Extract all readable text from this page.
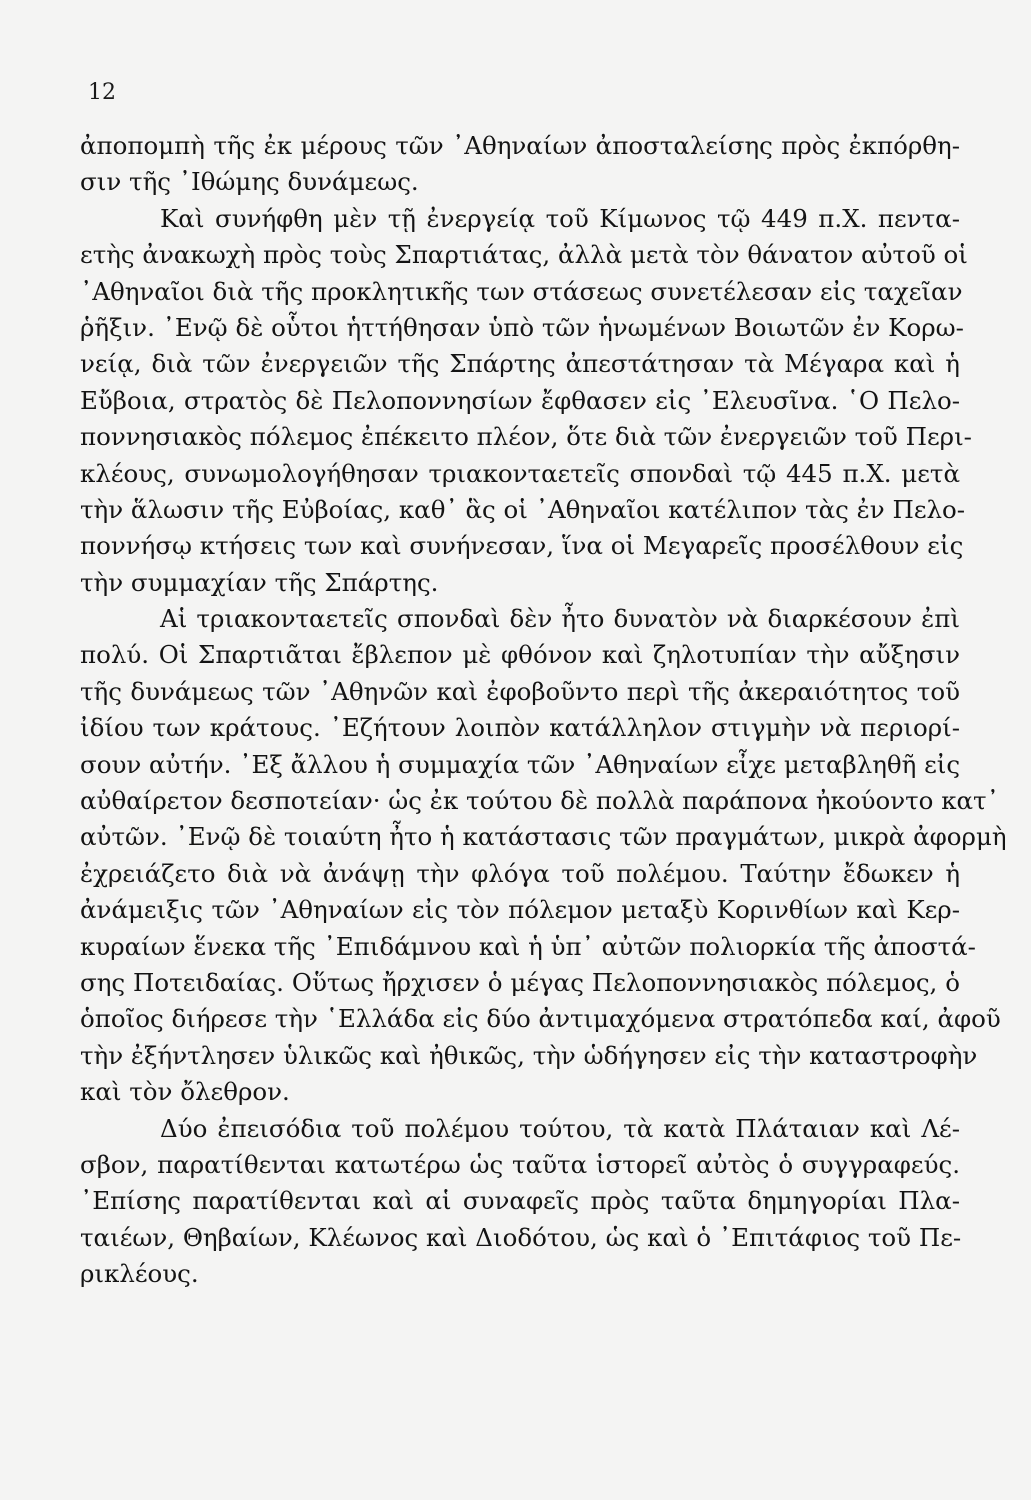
12
ἀποπομπὴ τῆς ἐκ μέρους τῶν ᾿Αθηναίων ἀποσταλείσης πρὸς ἐκπόρθη-
σιν τῆς ᾿Ιθώμης δυνάμεως.
Καὶ συνήφθη μὲν τῇ ἐνεργείᾳ τοῦ Κίμωνος τῷ 449 π.Χ. πεντα-
ετὴς ἀνακωχὴ πρὸς τοὺς Σπαρτιάτας, ἀλλὰ μετὰ τὸν θάνατον αὐτοῦ οἱ
᾿Αθηναῖοι διὰ τῆς προκλητικῆς των στάσεως συνετέλεσαν εἰς ταχεῖαν
ῥῆξιν. ᾿Ενῷ δὲ οὗτοι ἡττήθησαν ὑπὸ τῶν ἡνωμένων Βοιωτῶν ἐν Κορω-
νείᾳ, διὰ τῶν ἐνεργειῶν τῆς Σπάρτης ἀπεστάτησαν τὰ Μέγαρα καὶ ἡ
Εὔβοια, στρατὸς δὲ Πελοποννησίων ἔφθασεν εἰς ᾿Ελευσῖνα. ῾Ο Πελο-
ποννησιακὸς πόλεμος ἐπέκειτο πλέον, ὅτε διὰ τῶν ἐνεργειῶν τοῦ Περι-
κλέους, συνωμολογήθησαν τριακονταετεῖς σπονδαὶ τῷ 445 π.Χ. μετὰ
τὴν ἅλωσιν τῆς Εὐβοίας, καθ᾿ ἃς οἱ ᾿Αθηναῖοι κατέλιπον τὰς ἐν Πελο-
ποννήσῳ κτήσεις των καὶ συνήνεσαν, ἵνα οἱ Μεγαρεῖς προσέλθουν εἰς
τὴν συμμαχίαν τῆς Σπάρτης.
Αἱ τριακονταετεῖς σπονδαὶ δὲν ἦτο δυνατὸν νὰ διαρκέσουν ἐπὶ
πολύ. Οἱ Σπαρτιᾶται ἔβλεπον μὲ φθόνον καὶ ζηλοτυπίαν τὴν αὔξησιν
τῆς δυνάμεως τῶν ᾿Αθηνῶν καὶ ἐφοβοῦντο περὶ τῆς ἀκεραιότητος τοῦ
ἰδίου των κράτους. ᾿Εζήτουν λοιπὸν κατάλληλον στιγμὴν νὰ περιορί-
σουν αὐτήν. ᾿Εξ ἄλλου ἡ συμμαχία τῶν ᾿Αθηναίων εἶχε μεταβληθῆ εἰς
αὐθαίρετον δεσποτείαν· ὡς ἐκ τούτου δὲ πολλὰ παράπονα ἠκούοντο κατ᾿
αὐτῶν. ᾿Ενῷ δὲ τοιαύτη ἦτο ἡ κατάστασις τῶν πραγμάτων, μικρὰ ἀφορμὴ
ἐχρειάζετο διὰ νὰ ἀνάψῃ τὴν φλόγα τοῦ πολέμου. Ταύτην ἔδωκεν ἡ
ἀνάμειξις τῶν ᾿Αθηναίων εἰς τὸν πόλεμον μεταξὺ Κορινθίων καὶ Κερ-
κυραίων ἕνεκα τῆς ᾿Επιδάμνου καὶ ἡ ὑπ᾿ αὐτῶν πολιορκία τῆς ἀποστά-
σης Ποτειδαίας. Οὕτως ἤρχισεν ὁ μέγας Πελοποννησιακὸς πόλεμος, ὁ
ὁποῖος διήρεσε τὴν ῾Ελλάδα εἰς δύο ἀντιμαχόμενα στρατόπεδα καί, ἀφοῦ
τὴν ἐξήντλησεν ὑλικῶς καὶ ἠθικῶς, τὴν ὡδήγησεν εἰς τὴν καταστροφὴν
καὶ τὸν ὄλεθρον.
Δύο ἐπεισόδια τοῦ πολέμου τούτου, τὰ κατὰ Πλάταιαν καὶ Λέ-
σβον, παρατίθενται κατωτέρω ὡς ταῦτα ἱστορεῖ αὐτὸς ὁ συγγραφεύς.
᾿Επίσης παρατίθενται καὶ αἱ συναφεῖς πρὸς ταῦτα δημηγορίαι Πλα-
ταιέων, Θηβαίων, Κλέωνος καὶ Διοδότου, ὡς καὶ ὁ ᾿Επιτάφιος τοῦ Πε-
ρικλέους.
